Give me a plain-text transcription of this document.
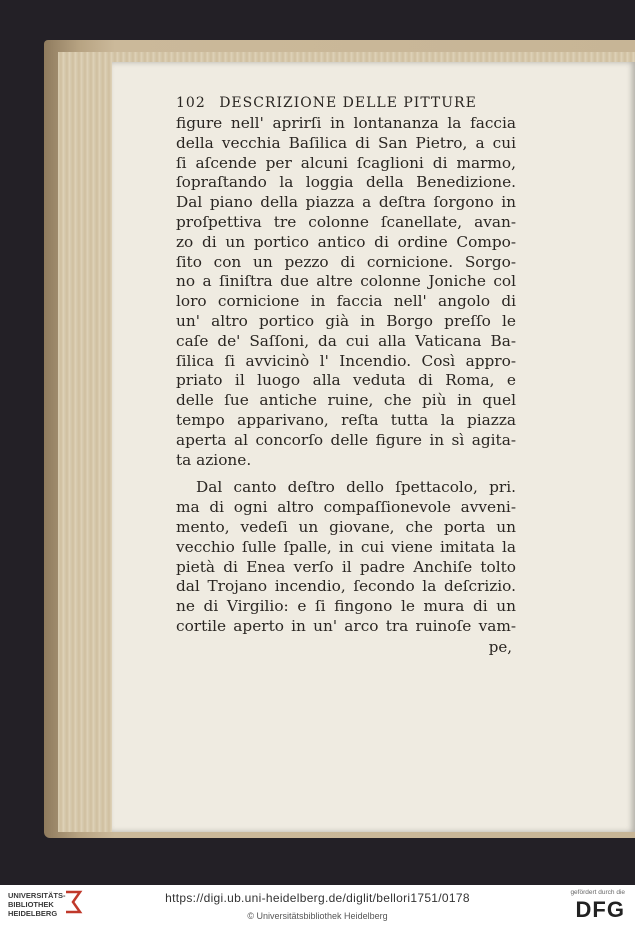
102 DESCRIZIONE DELLE PITTURE
figure nell' aprirſi in lontananza la faccia
della vecchia Baſilica di San Pietro, a cui
ſi aſcende per alcuni ſcaglioni di marmo,
ſopraſtando la loggia della Benedizione.
Dal piano della piazza a deſtra ſorgono in
proſpettiva tre colonne ſcanellate, avan-
zo di un portico antico di ordine Compo-
ſito con un pezzo di cornicione. Sorgo-
no a ſiniſtra due altre colonne Joniche col
loro cornicione in faccia nell' angolo di
un' altro portico già in Borgo preſſo le
caſe de' Saſſoni, da cui alla Vaticana Ba-
ſilica ſi avvicinò l' Incendio. Così appro-
priato il luogo alla veduta di Roma, e
delle ſue antiche ruine, che più in quel
tempo apparivano, reſta tutta la piazza
aperta al concorſo delle figure in sì agita-
ta azione.
Dal canto deſtro dello ſpettacolo, pri.
ma di ogni altro compaſſionevole avveni-
mento, vedeſi un giovane, che porta un
vecchio ſulle ſpalle, in cui viene imitata la
pietà di Enea verſo il padre Anchiſe tolto
dal Trojano incendio, ſecondo la deſcrizio.
ne di Virgilio: e ſi fingono le mura di un
cortile aperto in un' arco tra ruinoſe vam-
pe,
UNIVERSITÄTS-
BIBLIOTHEK
HEIDELBERG
https://digi.ub.uni-heidelberg.de/diglit/bellori1751/0178
© Universitätsbibliothek Heidelberg
gefördert durch die
DFG
